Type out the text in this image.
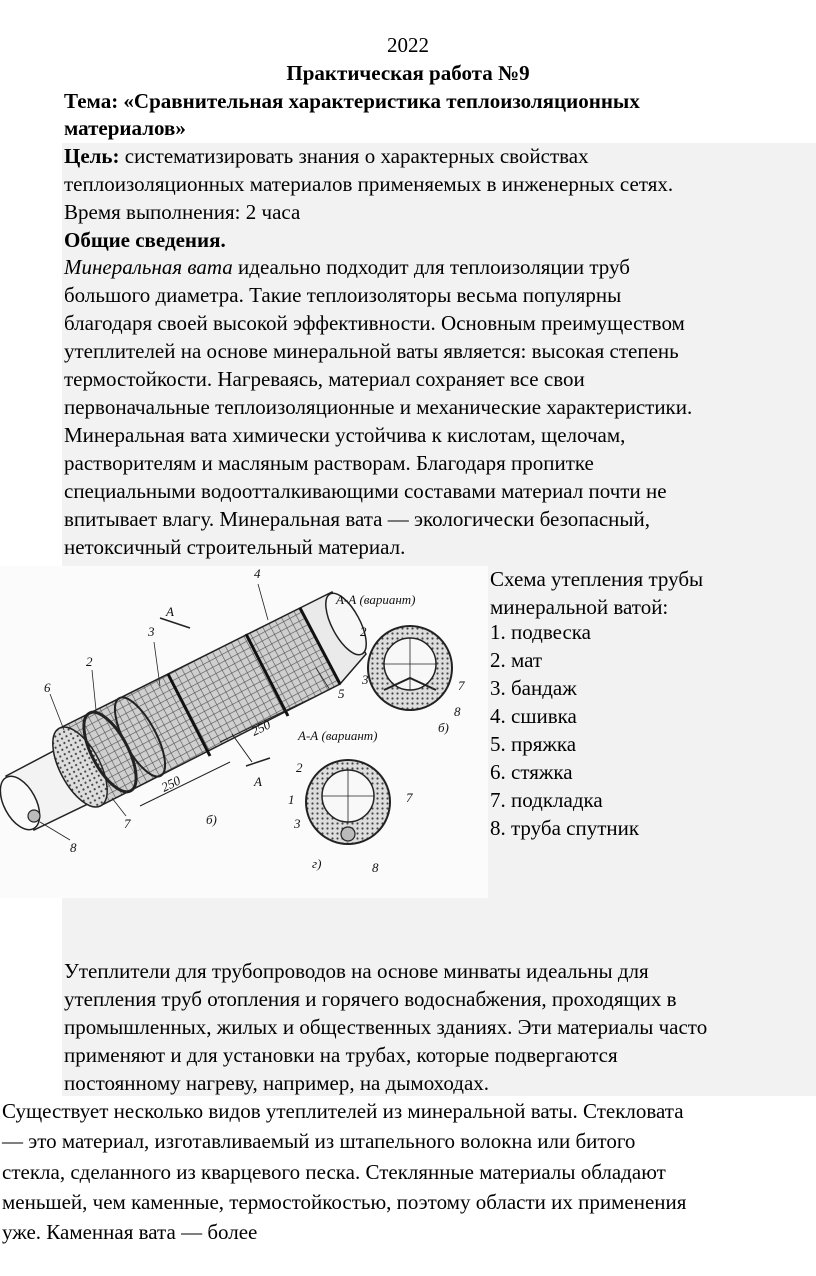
2022
Практическая работа №9
Тема: «Сравнительная характеристика теплоизоляционных
материалов»
Цель: систематизировать знания о характерных свойствах
теплоизоляционных материалов применяемых в инженерных сетях.
Время выполнения: 2 часа
Общие сведения.
Минеральная вата идеально подходит для теплоизоляции труб
большого диаметра. Такие теплоизоляторы весьма популярны
благодаря своей высокой эффективности. Основным преимуществом
утеплителей на основе минеральной ваты является: высокая степень
термостойкости. Нагреваясь, материал сохраняет все свои
первоначальные теплоизоляционные и механические характеристики.
Минеральная вата химически устойчива к кислотам, щелочам,
растворителям и масляным растворам. Благодаря пропитке
специальными водоотталкивающими составами материал почти не
впитывает влагу. Минеральная вата — экологически безопасный,
нетоксичный строительный материал.
А-А (вариант)
А-А (вариант)
250
250
А
А
б)
б)
г)
4
3
2
6	5
7
8
2
3	7
8
2
1
3
7
8
Схема утепления трубы
минеральной ватой:
1. подвеска
2. мат
3. бандаж
4. сшивка
5. пряжка
6. стяжка
7. подкладка
8. труба спутник
Утеплители для трубопроводов на основе минваты идеальны для
утепления труб отопления и горячего водоснабжения, проходящих в
промышленных, жилых и общественных зданиях. Эти материалы часто
применяют и для установки на трубах, которые подвергаются
постоянному нагреву, например, на дымоходах.
Существует несколько видов утеплителей из минеральной ваты. Стекловата
— это материал, изготавливаемый из штапельного волокна или битого
стекла, сделанного из кварцевого песка. Стеклянные материалы обладают
меньшей, чем каменные, термостойкостью, поэтому области их применения
уже. Каменная вата — более
